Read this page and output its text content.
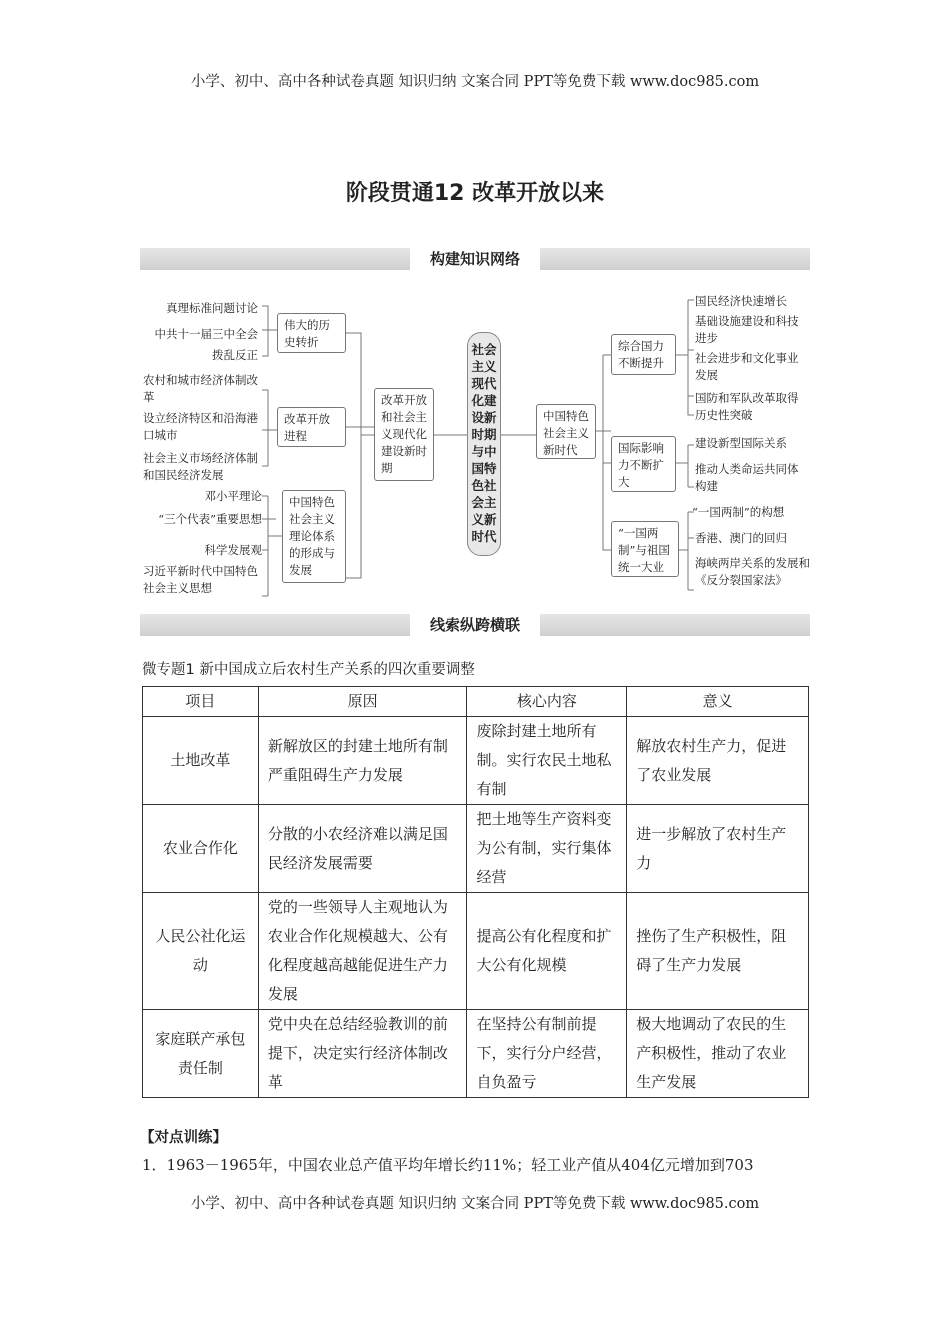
小学、初中、高中各种试卷真题 知识归纳 文案合同 PPT等免费下载 www.doc985.com
阶段贯通12 改革开放以来
构建知识网络
真理标准问题讨论
中共十一届三中全会
拨乱反正
农村和城市经济体制改革
设立经济特区和沿海港口城市
社会主义市场经济体制和国民经济发展
邓小平理论
“三个代表”重要思想
科学发展观
习近平新时代中国特色社会主义思想
伟大的历史转折
改革开放进程
中国特色社会主义理论体系的形成与发展
改革开放和社会主义现代化建设新时期
社会主义现代化建设新时期与中国特色社会主义新时代
中国特色社会主义新时代
综合国力不断提升
国际影响力不断扩大
“一国两制”与祖国统一大业
国民经济快速增长
基础设施建设和科技进步
社会进步和文化事业发展
国防和军队改革取得历史性突破
建设新型国际关系
推动人类命运共同体构建
“一国两制”的构想
香港、澳门的回归
海峡两岸关系的发展和《反分裂国家法》
线索纵跨横联
微专题1 新中国成立后农村生产关系的四次重要调整
项目	原因	核心内容	意义
土地改革	新解放区的封建土地所有制严重阻碍生产力发展	废除封建土地所有制。实行农民土地私有制	解放农村生产力，促进了农业发展
农业合作化	分散的小农经济难以满足国民经济发展需要	把土地等生产资料变为公有制，实行集体经营	进一步解放了农村生产力
人民公社化运动	党的一些领导人主观地认为农业合作化规模越大、公有化程度越高越能促进生产力发展	提高公有化程度和扩大公有化规模	挫伤了生产积极性，阻碍了生产力发展
家庭联产承包责任制	党中央在总结经验教训的前提下，决定实行经济体制改革	在坚持公有制前提下，实行分户经营，自负盈亏	极大地调动了农民的生产积极性，推动了农业生产发展
【对点训练】
1．1963－1965年，中国农业总产值平均年增长约11%；轻工业产值从404亿元增加到703
小学、初中、高中各种试卷真题 知识归纳 文案合同 PPT等免费下载 www.doc985.com
